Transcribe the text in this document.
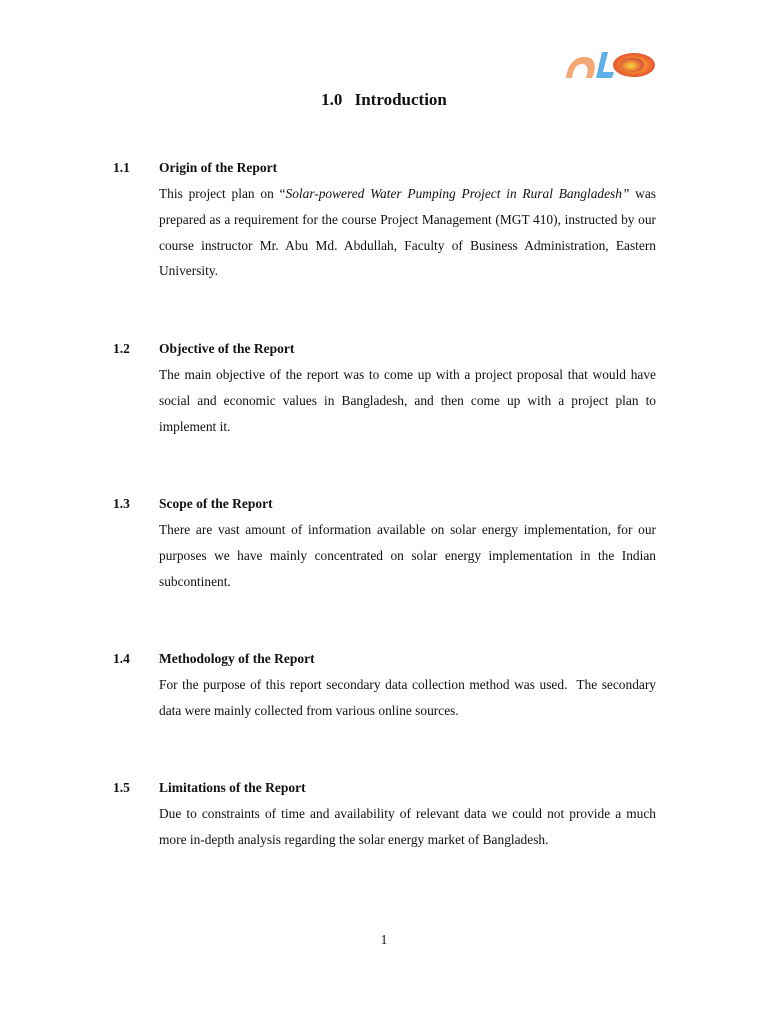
1.0 Introduction
1.1	Origin of the Report

This project plan on “Solar-powered Water Pumping Project in Rural Bangladesh” was prepared as a requirement for the course Project Management (MGT 410), instructed by our course instructor Mr. Abu Md. Abdullah, Faculty of Business Administration, Eastern University.

1.2	Objective of the Report

The main objective of the report was to come up with a project proposal that would have social and economic values in Bangladesh, and then come up with a project plan to implement it.

1.3	Scope of the Report

There are vast amount of information available on solar energy implementation, for our purposes we have mainly concentrated on solar energy implementation in the Indian subcontinent.

1.4	Methodology of the Report

For the purpose of this report secondary data collection method was used.  The secondary data were mainly collected from various online sources.

1.5	Limitations of the Report

Due to constraints of time and availability of relevant data we could not provide a much more in-depth analysis regarding the solar energy market of Bangladesh.

1
